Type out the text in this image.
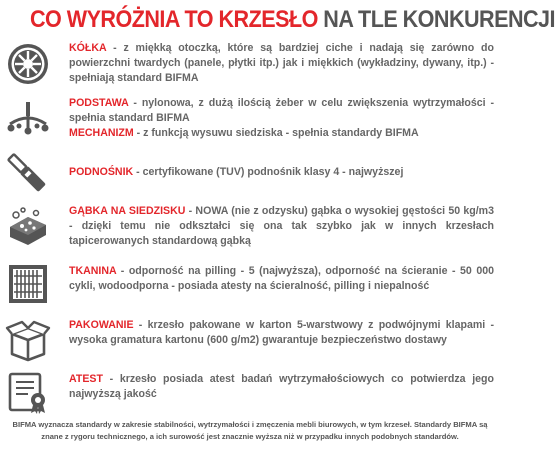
CO WYRÓŻNIA TO KRZESŁO NA TLE KONKURENCJI

KÓŁKA - z miękką otoczką, które są bardziej ciche i nadają się zarówno do powierzchni twardych (panele, płytki itp.) jak i miękkich (wykładziny, dywany, itp.) - spełniają standard BIFMA

PODSTAWA - nylonowa, z dużą ilością żeber w celu zwiększenia wytrzymałości - spełnia standard BIFMA

MECHANIZM - z funkcją wysuwu siedziska - spełnia standardy BIFMA

PODNOŚNIK - certyfikowane (TUV) podnośnik klasy 4 - najwyższej

GĄBKA NA SIEDZISKU - NOWA (nie z odzysku) gąbka o wysokiej gęstości 50 kg/m3 - dzięki temu nie odkształci się ona tak szybko jak w innych krzesłach tapicerowanych standardową gąbką

TKANINA - odporność na pilling - 5 (najwyższa), odporność na ścieranie - 50 000 cykli, wodoodporna - posiada atesty na ścieralność, pilling i niepalność

PAKOWANIE - krzesło pakowane w karton 5-warstwowy z podwójnymi klapami - wysoka gramatura kartonu (600 g/m2) gwarantuje bezpieczeństwo dostawy

ATEST - krzesło posiada atest badań wytrzymałościowych co potwierdza jego najwyższą jakość

BIFMA wyznacza standardy w zakresie stabilności, wytrzymałości i zmęczenia mebli biurowych, w tym krzeseł. Standardy BIFMA są znane z rygoru technicznego, a ich surowość jest znacznie wyższa niż w przypadku innych podobnych standardów.
